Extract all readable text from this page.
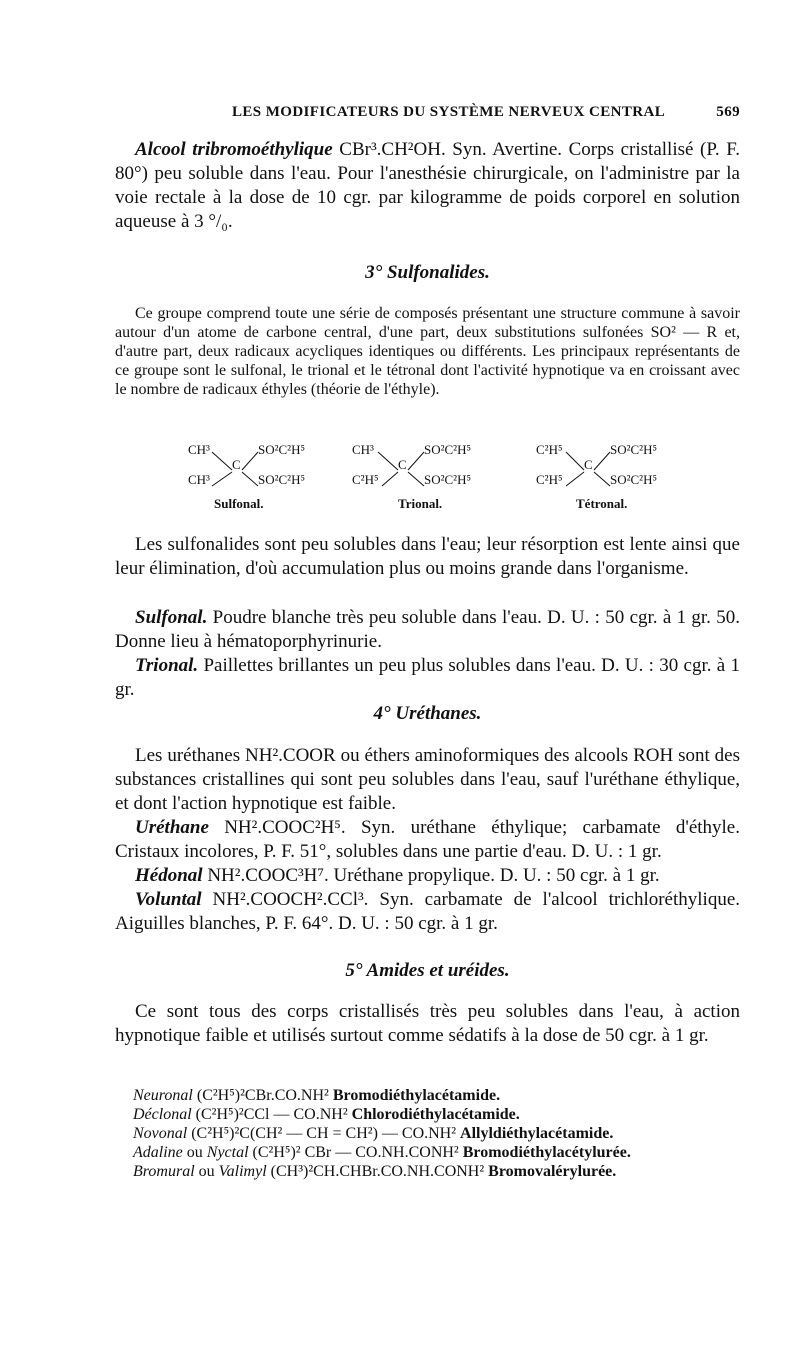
LES MODIFICATEURS DU SYSTÈME NERVEUX CENTRAL	569
Alcool tribromoéthylique CBr³.CH²OH. Syn. Avertine. Corps cristallisé (P. F. 80°) peu soluble dans l'eau. Pour l'anesthésie chirurgicale, on l'administre par la voie rectale à la dose de 10 cgr. par kilogramme de poids corporel en solution aqueuse à 3 °/₀.
3° Sulfonalides.
Ce groupe comprend toute une série de composés présentant une structure commune à savoir autour d'un atome de carbone central, d'une part, deux substitutions sulfonées SO² — R et, d'autre part, deux radicaux acycliques identiques ou différents. Les principaux représentants de ce groupe sont le sulfonal, le trional et le tétronal dont l'activité hypnotique va en croissant avec le nombre de radicaux éthyles (théorie de l'éthyle).
CH³
CH³
C
SO²C²H⁵
SO²C²H⁵
Sulfonal.
CH³
C²H⁵
C
SO²C²H⁵
SO²C²H⁵
Trional.
C²H⁵
C²H⁵
C
SO²C²H⁵
SO²C²H⁵
Tétronal.
Les sulfonalides sont peu solubles dans l'eau; leur résorption est lente ainsi que leur élimination, d'où accumulation plus ou moins grande dans l'organisme.
Sulfonal. Poudre blanche très peu soluble dans l'eau. D. U. : 50 cgr. à 1 gr. 50. Donne lieu à hématoporphyrinurie.
Trional. Paillettes brillantes un peu plus solubles dans l'eau. D. U. : 30 cgr. à 1 gr.
4° Uréthanes.
Les uréthanes NH².COOR ou éthers aminoformiques des alcools ROH sont des substances cristallines qui sont peu solubles dans l'eau, sauf l'uréthane éthylique, et dont l'action hypnotique est faible.
Uréthane NH².COOC²H⁵. Syn. uréthane éthylique; carbamate d'éthyle. Cristaux incolores, P. F. 51°, solubles dans une partie d'eau. D. U. : 1 gr.
Hédonal NH².COOC³H⁷. Uréthane propylique. D. U. : 50 cgr. à 1 gr.
Voluntal NH².COOCH².CCl³. Syn. carbamate de l'alcool trichloréthylique. Aiguilles blanches, P. F. 64°. D. U. : 50 cgr. à 1 gr.
5° Amides et uréides.
Ce sont tous des corps cristallisés très peu solubles dans l'eau, à action hypnotique faible et utilisés surtout comme sédatifs à la dose de 50 cgr. à 1 gr.
Neuronal (C²H⁵)²CBr.CO.NH² Bromodiéthylacétamide.
Déclonal (C²H⁵)²CCl — CO.NH² Chlorodiéthylacétamide.
Novonal (C²H⁵)²C(CH² — CH = CH²) — CO.NH² Allyldiéthylacétamide.
Adaline ou Nyctal (C²H⁵)² CBr — CO.NH.CONH² Bromodiéthylacétylurée.
Bromural ou Valimyl (CH³)²CH.CHBr.CO.NH.CONH² Bromovalérylurée.
